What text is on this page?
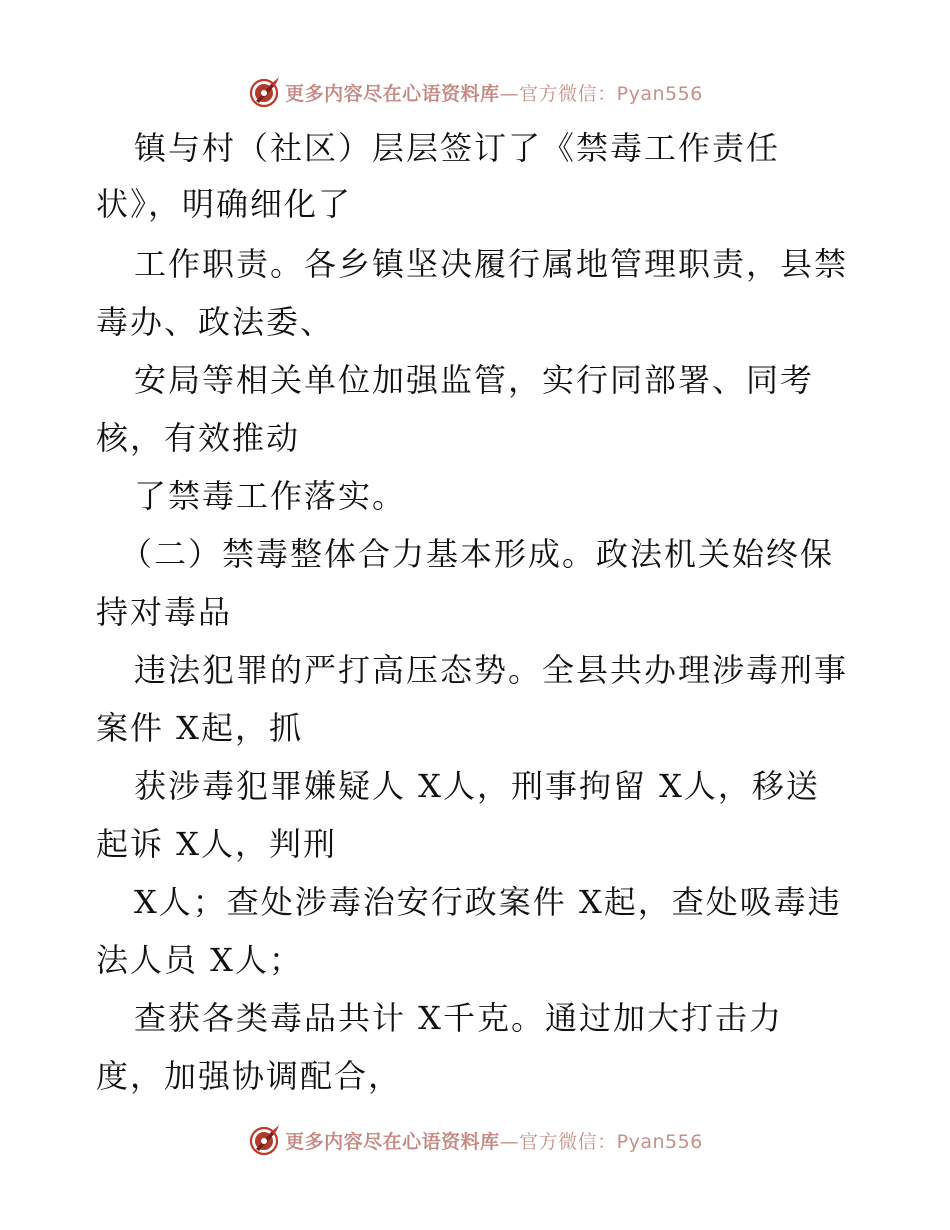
更多内容尽在心语资料库—官方微信：Pyan556
镇与村（社区）层层签订了《禁毒工作责任
状》，明确细化了
工作职责。各乡镇坚决履行属地管理职责，县禁
毒办、政法委、
安局等相关单位加强监管，实行同部署、同考
核，有效推动
了禁毒工作落实。
（二）禁毒整体合力基本形成。政法机关始终保
持对毒品
违法犯罪的严打高压态势。全县共办理涉毒刑事
案件 X起，抓
获涉毒犯罪嫌疑人 X人，刑事拘留 X人，移送
起诉 X人，判刑
X人；查处涉毒治安行政案件 X起，查处吸毒违
法人员 X人；
查获各类毒品共计 X千克。通过加大打击力
度，加强协调配合，
更多内容尽在心语资料库—官方微信：Pyan556
